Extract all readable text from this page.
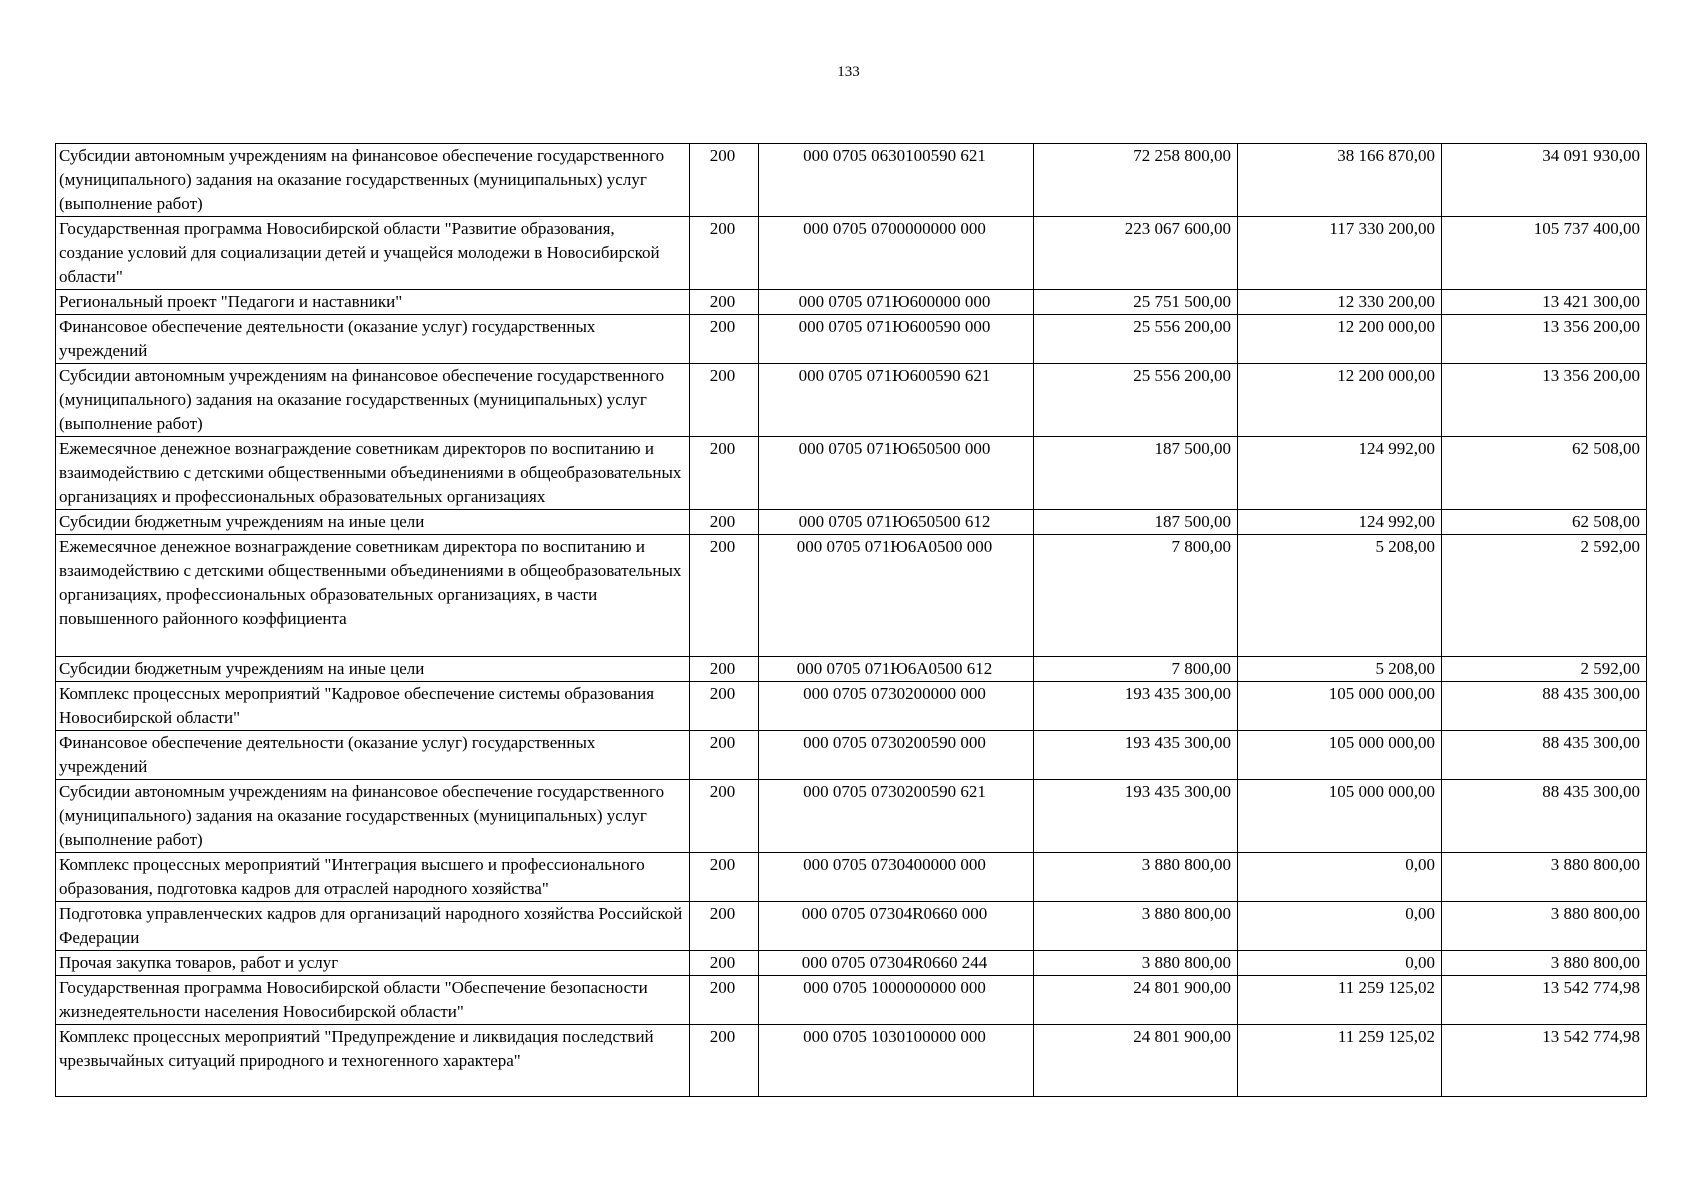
133
Субсидии автономным учреждениям на финансовое обеспечение государственного (муниципального) задания на оказание государственных (муниципальных) услуг (выполнение работ)	200	000 0705 0630100590 621	72 258 800,00	38 166 870,00	34 091 930,00
Государственная программа Новосибирской области "Развитие образования, создание условий для социализации детей и учащейся молодежи в Новосибирской области"	200	000 0705 0700000000 000	223 067 600,00	117 330 200,00	105 737 400,00
Региональный проект "Педагоги и наставники"	200	000 0705 071Ю600000 000	25 751 500,00	12 330 200,00	13 421 300,00
Финансовое обеспечение деятельности (оказание услуг) государственных учреждений	200	000 0705 071Ю600590 000	25 556 200,00	12 200 000,00	13 356 200,00
Субсидии автономным учреждениям на финансовое обеспечение государственного (муниципального) задания на оказание государственных (муниципальных) услуг (выполнение работ)	200	000 0705 071Ю600590 621	25 556 200,00	12 200 000,00	13 356 200,00
Ежемесячное денежное вознаграждение советникам директоров по воспитанию и взаимодействию с детскими общественными объединениями в общеобразовательных организациях и профессиональных образовательных организациях	200	000 0705 071Ю650500 000	187 500,00	124 992,00	62 508,00
Субсидии бюджетным учреждениям на иные цели	200	000 0705 071Ю650500 612	187 500,00	124 992,00	62 508,00
Ежемесячное денежное вознаграждение советникам директора по воспитанию и взаимодействию с детскими общественными объединениями в общеобразовательных организациях, профессиональных образовательных организациях, в части повышенного районного коэффициента	200	000 0705 071Ю6А0500 000	7 800,00	5 208,00	2 592,00
Субсидии бюджетным учреждениям на иные цели	200	000 0705 071Ю6А0500 612	7 800,00	5 208,00	2 592,00
Комплекс процессных мероприятий "Кадровое обеспечение системы образования Новосибирской области"	200	000 0705 0730200000 000	193 435 300,00	105 000 000,00	88 435 300,00
Финансовое обеспечение деятельности (оказание услуг) государственных учреждений	200	000 0705 0730200590 000	193 435 300,00	105 000 000,00	88 435 300,00
Субсидии автономным учреждениям на финансовое обеспечение государственного (муниципального) задания на оказание государственных (муниципальных) услуг (выполнение работ)	200	000 0705 0730200590 621	193 435 300,00	105 000 000,00	88 435 300,00
Комплекс процессных мероприятий "Интеграция высшего и профессионального образования, подготовка кадров для отраслей народного хозяйства"	200	000 0705 0730400000 000	3 880 800,00	0,00	3 880 800,00
Подготовка управленческих кадров для организаций народного хозяйства Российской Федерации	200	000 0705 07304R0660 000	3 880 800,00	0,00	3 880 800,00
Прочая закупка товаров, работ и услуг	200	000 0705 07304R0660 244	3 880 800,00	0,00	3 880 800,00
Государственная программа Новосибирской области "Обеспечение безопасности жизнедеятельности населения Новосибирской области"	200	000 0705 1000000000 000	24 801 900,00	11 259 125,02	13 542 774,98
Комплекс процессных мероприятий "Предупреждение и ликвидация последствий чрезвычайных ситуаций природного и техногенного характера"	200	000 0705 1030100000 000	24 801 900,00	11 259 125,02	13 542 774,98
